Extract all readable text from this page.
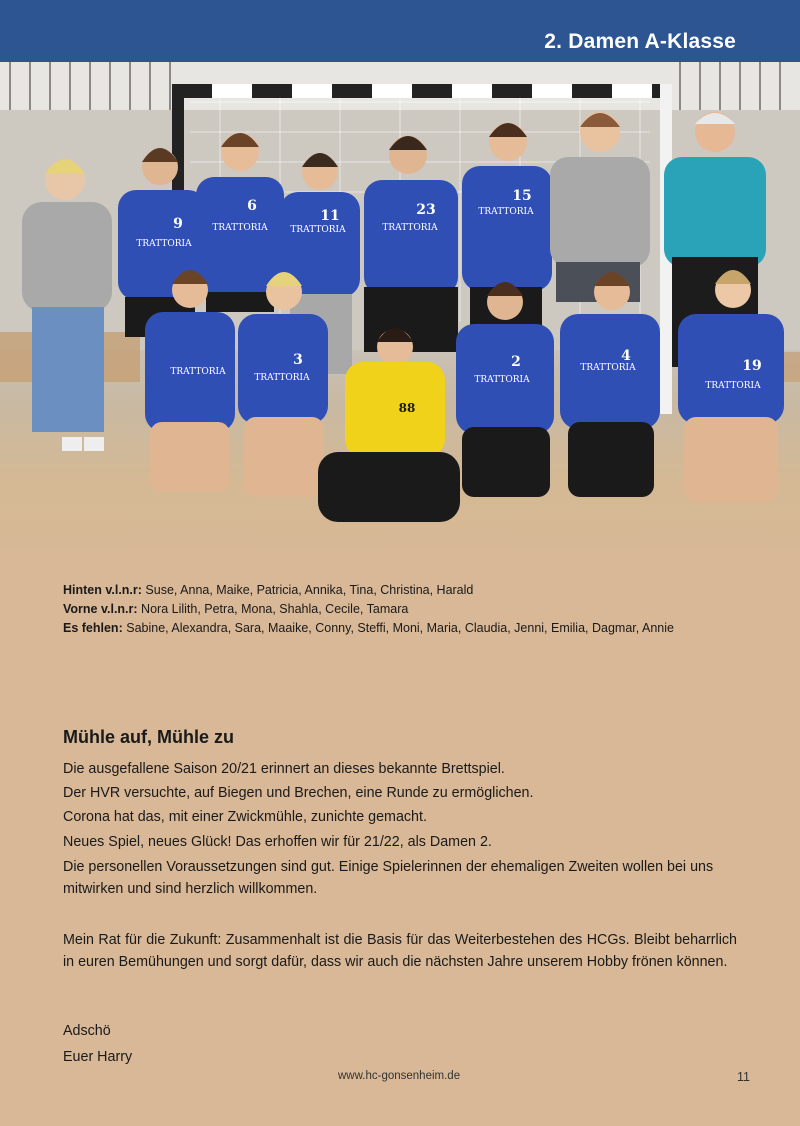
2. Damen A-Klasse
9
6
11	23
15
3	2	4
19
88
TRATTORIA
TRATTORIA	TRATTORIA	TRATTORIA
TRATTORIA
TRATTORIA
TRATTORIA	TRATTORIA
TRATTORIA
TRATTORIA
Hinten v.l.n.r: Suse, Anna, Maike, Patricia, Annika, Tina, Christina, Harald
Vorne v.l.n.r: Nora Lilith, Petra, Mona, Shahla, Cecile, Tamara
Es fehlen: Sabine, Alexandra, Sara, Maaike, Conny, Steffi, Moni, Maria, Claudia, Jenni, Emilia, Dagmar, Annie
Mühle auf, Mühle zu
Die ausgefallene Saison 20/21 erinnert an dieses bekannte Brettspiel.
Der HVR versuchte, auf Biegen und Brechen, eine Runde zu ermöglichen.
Corona hat das, mit einer Zwickmühle, zunichte gemacht.
Neues Spiel, neues Glück! Das erhoffen wir für 21/22, als Damen 2.
Die personellen Voraussetzungen sind gut. Einige Spielerinnen der ehemaligen Zweiten wollen bei uns mitwirken und sind herzlich willkommen.
Mein Rat für die Zukunft: Zusammenhalt ist die Basis für das Weiterbestehen des HCGs. Bleibt beharrlich in euren Bemühungen und sorgt dafür, dass wir auch die nächsten Jahre unserem Hobby frönen können.
Adschö
Euer Harry
www.hc-gonsenheim.de	11
